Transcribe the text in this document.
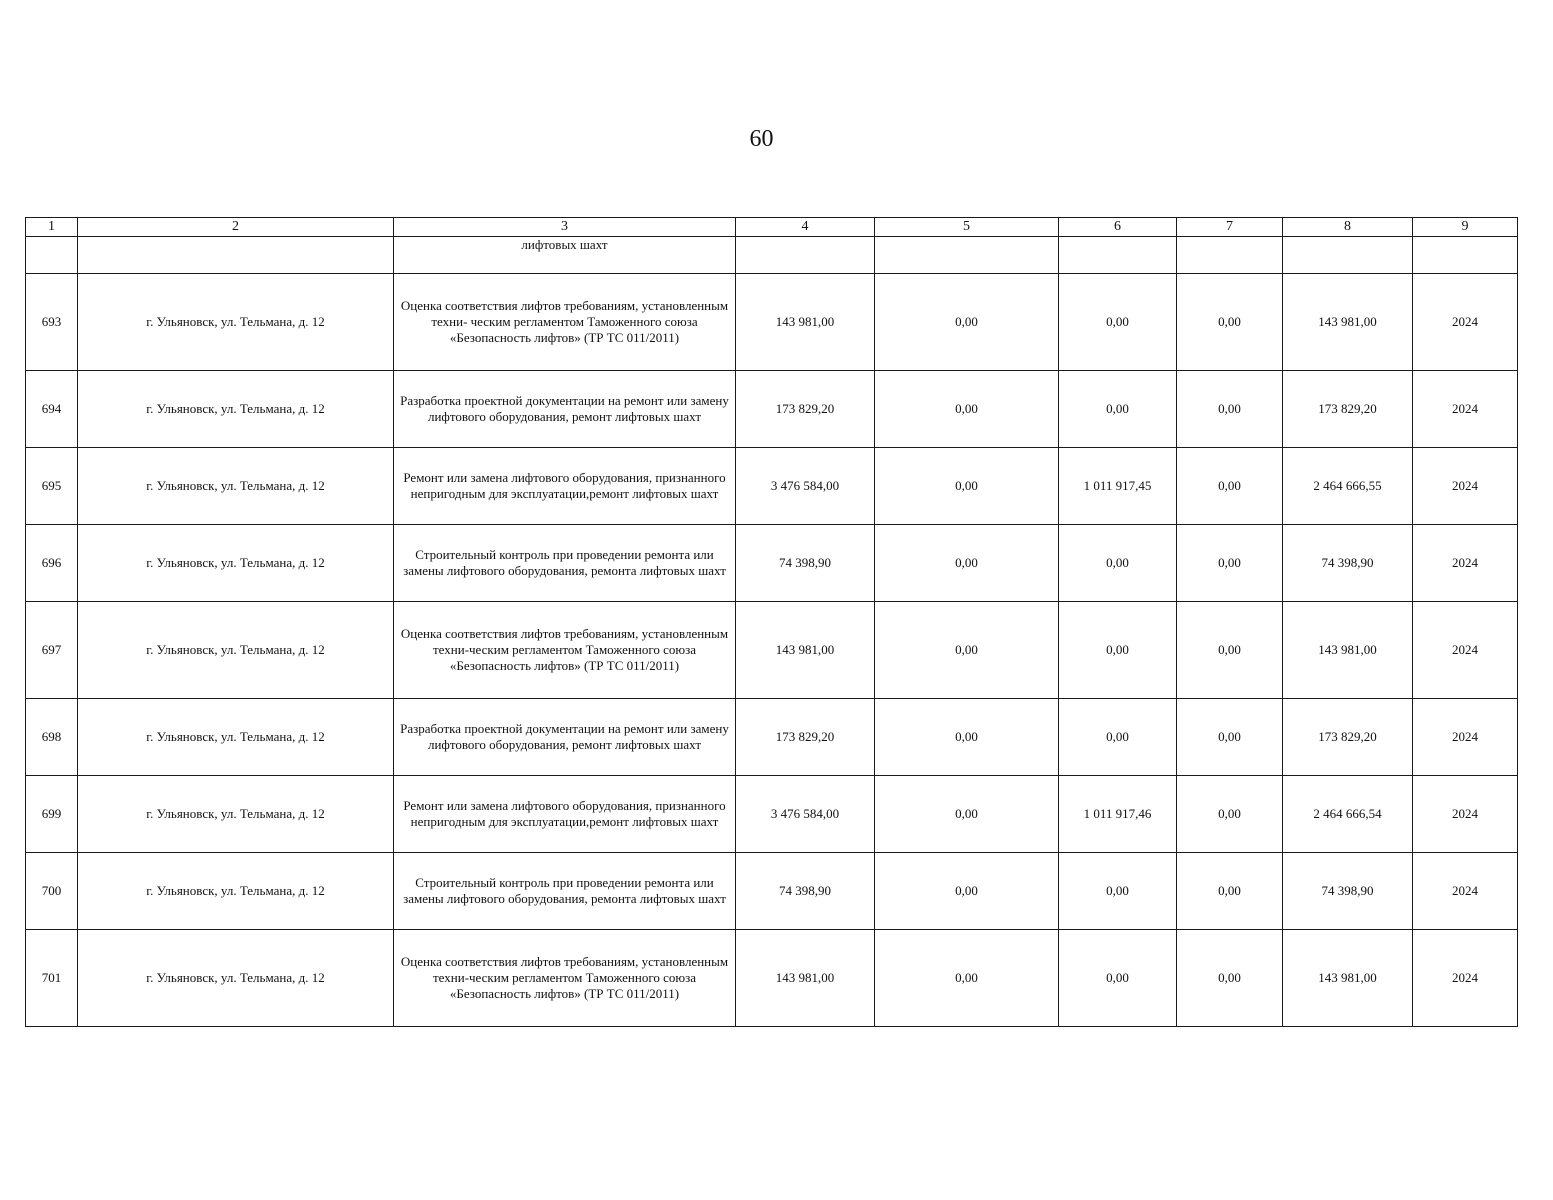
60
1	2	3	4	5	6	7	8	9
		лифтовых шахт						
693	г. Ульяновск, ул. Тельмана, д. 12	Оценка соответствия лифтов требованиям, установленным техни- ческим регламентом Таможенного союза «Безопасность лифтов» (ТР ТС 011/2011)	143 981,00	0,00	0,00	0,00	143 981,00	2024
694	г. Ульяновск, ул. Тельмана, д. 12	Разработка проектной документации на ремонт или замену лифтового оборудования, ремонт лифтовых шахт	173 829,20	0,00	0,00	0,00	173 829,20	2024
695	г. Ульяновск, ул. Тельмана, д. 12	Ремонт или замена лифтового оборудования, признанного непригодным для эксплуатации,ремонт лифтовых шахт	3 476 584,00	0,00	1 011 917,45	0,00	2 464 666,55	2024
696	г. Ульяновск, ул. Тельмана, д. 12	Строительный контроль при проведении ремонта или замены лифтового оборудования, ремонта лифтовых шахт	74 398,90	0,00	0,00	0,00	74 398,90	2024
697	г. Ульяновск, ул. Тельмана, д. 12	Оценка соответствия лифтов требованиям, установленным техни-ческим регламентом Таможенного союза «Безопасность лифтов» (ТР ТС 011/2011)	143 981,00	0,00	0,00	0,00	143 981,00	2024
698	г. Ульяновск, ул. Тельмана, д. 12	Разработка проектной документации на ремонт или замену лифтового оборудования, ремонт лифтовых шахт	173 829,20	0,00	0,00	0,00	173 829,20	2024
699	г. Ульяновск, ул. Тельмана, д. 12	Ремонт или замена лифтового оборудования, признанного непригодным для эксплуатации,ремонт лифтовых шахт	3 476 584,00	0,00	1 011 917,46	0,00	2 464 666,54	2024
700	г. Ульяновск, ул. Тельмана, д. 12	Строительный контроль при проведении ремонта или замены лифтового оборудования, ремонта лифтовых шахт	74 398,90	0,00	0,00	0,00	74 398,90	2024
701	г. Ульяновск, ул. Тельмана, д. 12	Оценка соответствия лифтов требованиям, установленным техни-ческим регламентом Таможенного союза «Безопасность лифтов» (ТР ТС 011/2011)	143 981,00	0,00	0,00	0,00	143 981,00	2024
